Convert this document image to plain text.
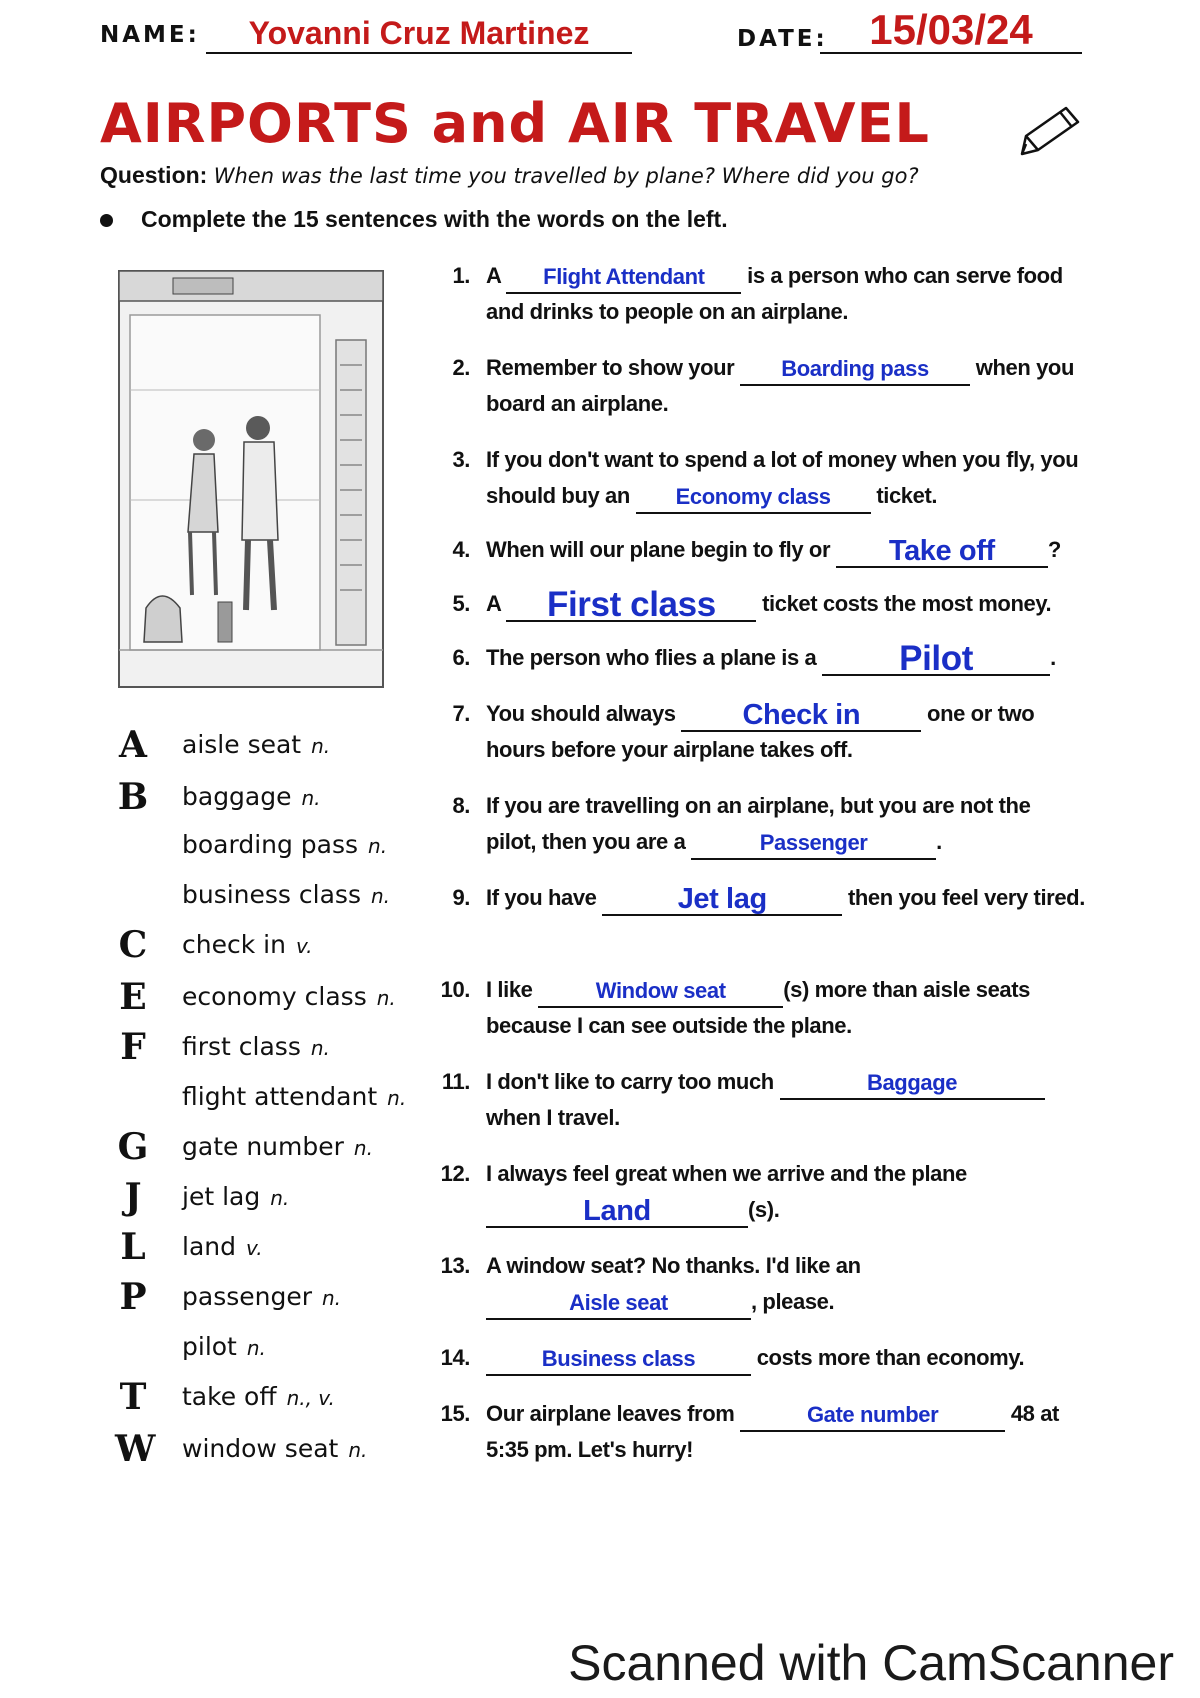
NAME:	Yovanni Cruz Martinez	DATE: 15/03/24
AIRPORTS and AIR TRAVEL
Question: When was the last time you travelled by plane? Where did you go?
Complete the 15 sentences with the words on the left.
A aisle seat n.
B baggage n.
boarding pass n.
business class n.
C check in v.
E economy class n.
F first class n.
flight attendant n.
G gate number n.
J	jet lag n.
L land v.
P passenger n.
pilot n.
T take off n., v.
W window seat n.
1. A Flight Attendant is a person who can serve food and drinks to people on an airplane.
2. Remember to show your Boarding pass when you board an airplane.
3. If you don't want to spend a lot of money when you fly, you should buy an Economy class ticket.
4. When will our plane begin to fly or Take off ?
5. A First class ticket costs the most money.
6. The person who flies a plane is a Pilot	.
7. You should always Check in	one or two hours before your airplane takes off.
8. If you are travelling on an airplane, but you are not the pilot, then you are a	Passenger	.
9. If you have	Jet lag	then you feel very tired.
10. I like	Window seat	(s) more than aisle seats because I can see outside the plane.
11. I don't like to carry too much	Baggage when I travel.
12. I always feel great when we arrive and the plane Land	(s).
13. A window seat? No thanks. I'd like an Aisle seat	, please.
14.	Business class	costs more than economy.
15. Our airplane leaves from	Gate number	48 at 5:35 pm. Let's hurry!
Scanned with CamScanner
